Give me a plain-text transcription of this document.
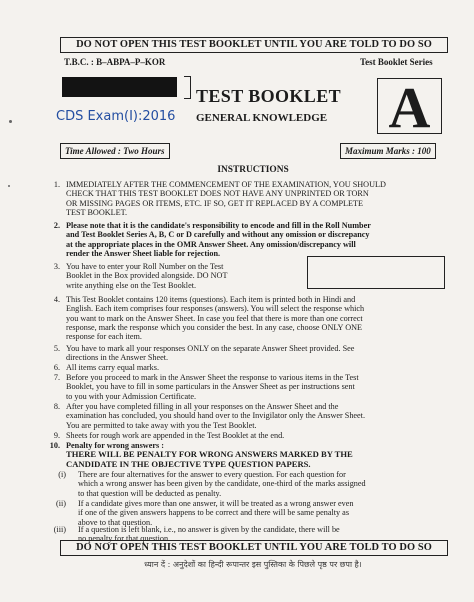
DO NOT OPEN THIS TEST BOOKLET UNTIL YOU ARE TOLD TO DO SO
T.B.C. : B–ABPA–P–KOR	Test Booklet Series
CDS Exam(I):2016
TEST BOOKLET
GENERAL KNOWLEDGE A
Time Allowed : Two Hours	Maximum Marks : 100
INSTRUCTIONS
1. IMMEDIATELY AFTER THE COMMENCEMENT OF THE EXAMINATION, YOU SHOULD
CHECK THAT THIS TEST BOOKLET DOES NOT HAVE ANY UNPRINTED OR TORN
OR MISSING PAGES OR ITEMS, ETC. IF SO, GET IT REPLACED BY A COMPLETE
TEST BOOKLET.
2. Please note that it is the candidate's responsibility to encode and fill in the Roll Number
and Test Booklet Series A, B, C or D carefully and without any omission or discrepancy
at the appropriate places in the OMR Answer Sheet. Any omission/discrepancy will
render the Answer Sheet liable for rejection.
3. You have to enter your Roll Number on the Test
Booklet in the Box provided alongside. DO NOT
write anything else on the Test Booklet.
4. This Test Booklet contains 120 items (questions). Each item is printed both in Hindi and
English. Each item comprises four responses (answers). You will select the response which
you want to mark on the Answer Sheet. In case you feel that there is more than one correct
response, mark the response which you consider the best. In any case, choose ONLY ONE
response for each item.
5. You have to mark all your responses ONLY on the separate Answer Sheet provided. See
directions in the Answer Sheet.
6. All items carry equal marks.
7. Before you proceed to mark in the Answer Sheet the response to various items in the Test
Booklet, you have to fill in some particulars in the Answer Sheet as per instructions sent
to you with your Admission Certificate.
8. After you have completed filling in all your responses on the Answer Sheet and the
examination has concluded, you should hand over to the Invigilator only the Answer Sheet.
You are permitted to take away with you the Test Booklet.
9. Sheets for rough work are appended in the Test Booklet at the end.
10. Penalty for wrong answers :
THERE WILL BE PENALTY FOR WRONG ANSWERS MARKED BY THE
CANDIDATE IN THE OBJECTIVE TYPE QUESTION PAPERS.
(i) There are four alternatives for the answer to every question. For each question for
which a wrong answer has been given by the candidate, one-third of the marks assigned
to that question will be deducted as penalty.
(ii) If a candidate gives more than one answer, it will be treated as a wrong answer even
if one of the given answers happens to be correct and there will be same penalty as
above to that question.
(iii) If a question is left blank, i.e., no answer is given by the candidate, there will be
no penalty for that question.
DO NOT OPEN THIS TEST BOOKLET UNTIL YOU ARE TOLD TO DO SO
ध्यान दें : अनुदेशों का हिन्दी रूपान्तर इस पुस्तिका के पिछले पृष्ठ पर छपा है।
